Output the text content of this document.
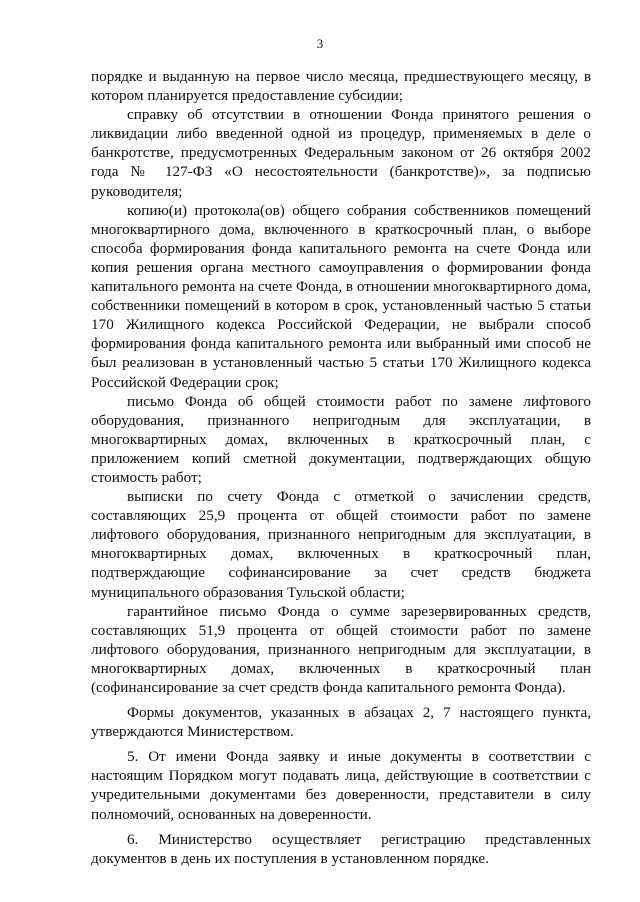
3

порядке и выданную на первое число месяца, предшествующего месяцу, в котором планируется предоставление субсидии;

справку об отсутствии в отношении Фонда принятого решения о ликвидации либо введенной одной из процедур, применяемых в деле о банкротстве, предусмотренных Федеральным законом от 26 октября 2002 года № 127-ФЗ «О несостоятельности (банкротстве)», за подписью руководителя;

копию(и) протокола(ов) общего собрания собственников помещений многоквартирного дома, включенного в краткосрочный план, о выборе способа формирования фонда капитального ремонта на счете Фонда или копия решения органа местного самоуправления о формировании фонда капитального ремонта на счете Фонда, в отношении многоквартирного дома, собственники помещений в котором в срок, установленный частью 5 статьи 170 Жилищного кодекса Российской Федерации, не выбрали способ формирования фонда капитального ремонта или выбранный ими способ не был реализован в установленный частью 5 статьи 170 Жилищного кодекса Российской Федерации срок;

письмо Фонда об общей стоимости работ по замене лифтового оборудования, признанного непригодным для эксплуатации, в многоквартирных домах, включенных в краткосрочный план, с приложением копий сметной документации, подтверждающих общую стоимость работ;

выписки по счету Фонда с отметкой о зачислении средств, составляющих 25,9 процента от общей стоимости работ по замене лифтового оборудования, признанного непригодным для эксплуатации, в многоквартирных домах, включенных в краткосрочный план, подтверждающие софинансирование за счет средств бюджета муниципального образования Тульской области;

гарантийное письмо Фонда о сумме зарезервированных средств, составляющих 51,9 процента от общей стоимости работ по замене лифтового оборудования, признанного непригодным для эксплуатации, в многоквартирных домах, включенных в краткосрочный план (софинансирование за счет средств фонда капитального ремонта Фонда).

Формы документов, указанных в абзацах 2, 7 настоящего пункта, утверждаются Министерством.

5. От имени Фонда заявку и иные документы в соответствии с настоящим Порядком могут подавать лица, действующие в соответствии с учредительными документами без доверенности, представители в силу полномочий, основанных на доверенности.

6. Министерство осуществляет регистрацию представленных документов в день их поступления в установленном порядке.
